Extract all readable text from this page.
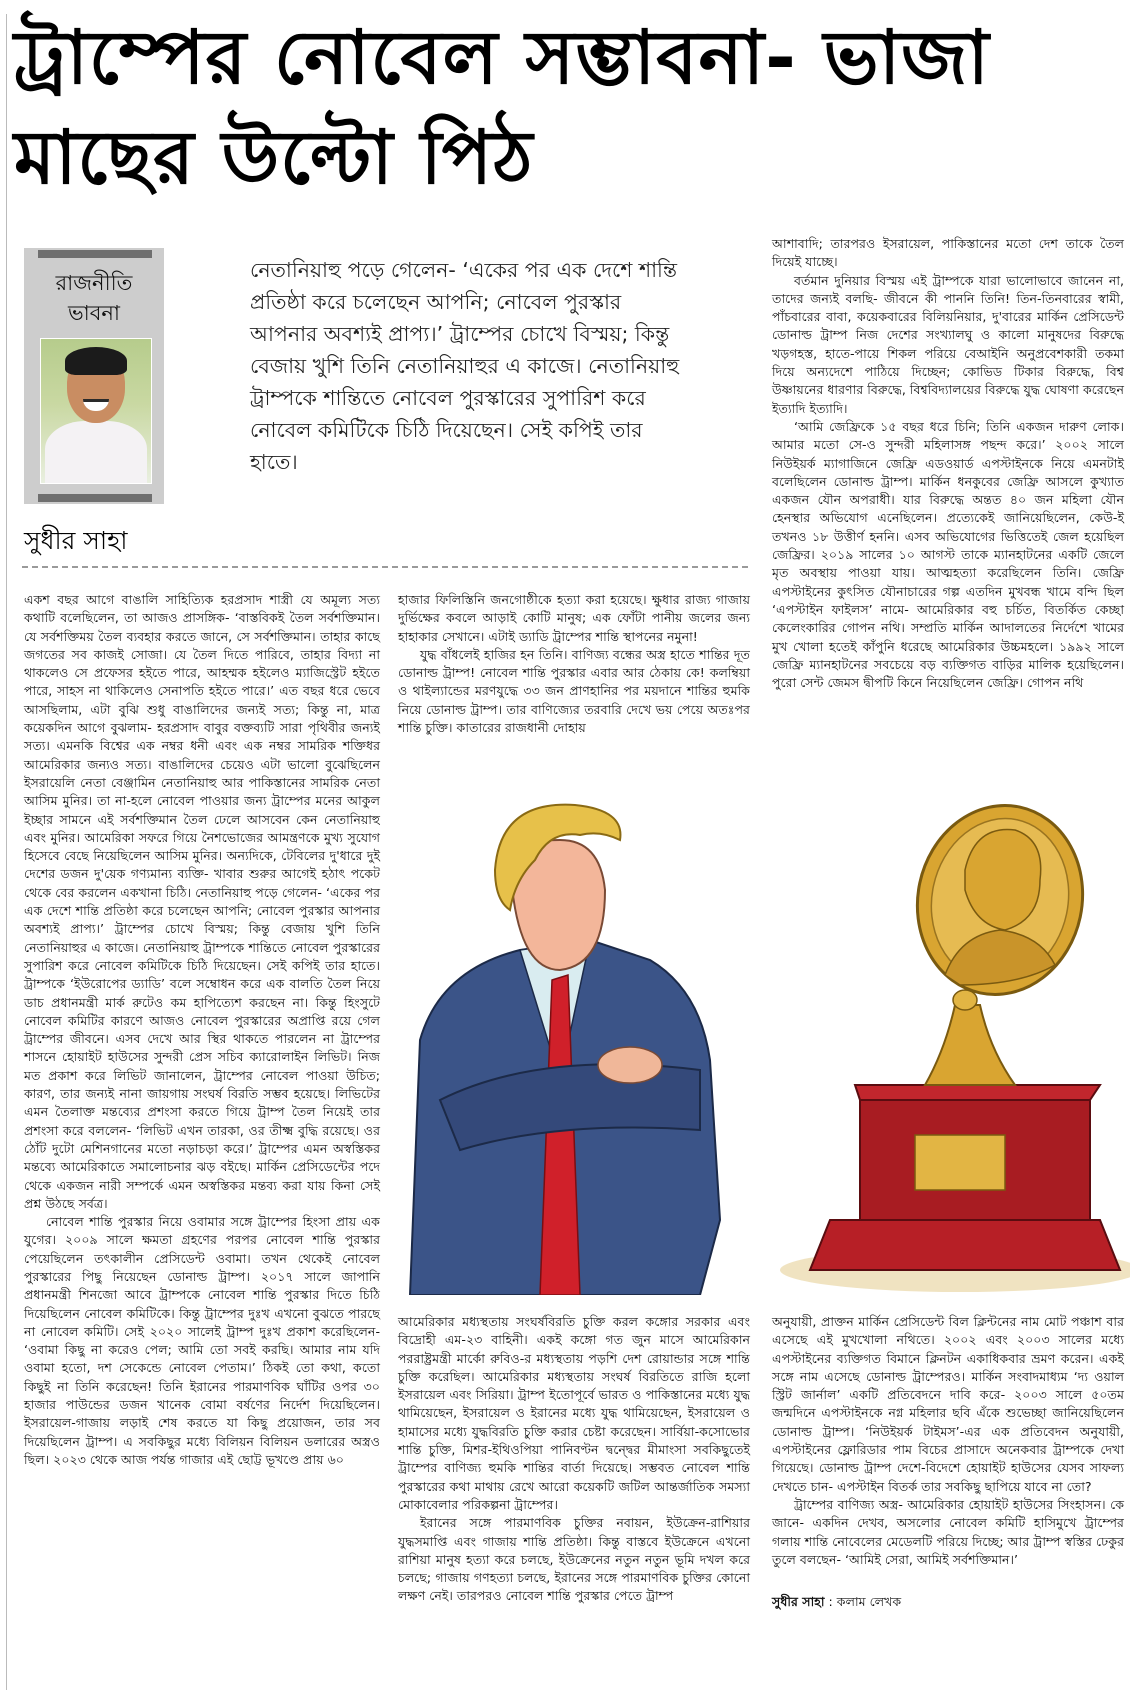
ট্রাম্পের নোবেল সম্ভাবনা- ভাজা
মাছের উল্টো পিঠ
রাজনীতি
ভাবনা

নেতানিয়াহু পড়ে গেলেন- ‘একের পর এক দেশে শান্তি প্রতিষ্ঠা করে চলেছেন আপনি; নোবেল পুরস্কার আপনার অবশ্যই প্রাপ্য।’ ট্রাম্পের চোখে বিস্ময়; কিন্তু বেজায় খুশি তিনি নেতানিয়াহুর এ কাজে। নেতানিয়াহু ট্রাম্পকে শান্তিতে নোবেল পুরস্কারের সুপারিশ করে নোবেল কমিটিকে চিঠি দিয়েছেন। সেই কপিই তার হাতে।

সুধীর সাহা

আশাবাদি; তারপরও ইসরায়েল, পাকিস্তানের মতো দেশ তাকে তৈল দিয়েই যাচ্ছে।

বর্তমান দুনিয়ার বিস্ময় এই ট্রাম্পকে যারা ভালোভাবে জানেন না, তাদের জন্যই বলছি- জীবনে কী পাননি তিনি! তিন-তিনবারের স্বামী, পাঁচবারের বাবা, কয়েকবারের বিলিয়নিয়ার, দু'বারের মার্কিন প্রেসিডেন্ট ডোনাল্ড ট্রাম্প নিজ দেশের সংখ্যালঘু ও কালো মানুষদের বিরুদ্ধে খড়গহস্ত, হাতে-পায়ে শিকল পরিয়ে বেআইনি অনুপ্রবেশকারী তকমা দিয়ে অন্যদেশে পাঠিয়ে দিচ্ছেন; কোভিড টিকার বিরুদ্ধে, বিশ্ব উষ্ণায়নের ধারণার বিরুদ্ধে, বিশ্ববিদ্যালয়ের বিরুদ্ধে যুদ্ধ ঘোষণা করেছেন ইত্যাদি ইত্যাদি।

‘আমি জেফ্রিকে ১৫ বছর ধরে চিনি; তিনি একজন দারুণ লোক। আমার মতো সে-ও সুন্দরী মহিলাসঙ্গ পছন্দ করে।’ ২০০২ সালে নিউইয়র্ক ম্যাগাজিনে জেফ্রি এডওয়ার্ড এপস্টাইনকে নিয়ে এমনটাই বলেছিলেন ডোনাল্ড ট্রাম্প। মার্কিন ধনকুবের জেফ্রি আসলে কুখ্যাত একজন যৌন অপরাধী। যার বিরুদ্ধে অন্তত ৪০ জন মহিলা যৌন হেনস্থার অভিযোগ এনেছিলেন। প্রত্যেকেই জানিয়েছিলেন, কেউ-ই তখনও ১৮ উত্তীর্ণ হননি। এসব অভিযোগের ভিত্তিতেই জেল হয়েছিল জেফ্রির। ২০১৯ সালের ১০ আগস্ট তাকে ম্যানহাটনের একটি জেলে মৃত অবস্থায় পাওয়া যায়। আত্মহত্যা করেছিলেন তিনি। জেফ্রি এপস্টাইনের কুৎসিত যৌনাচারের গল্প এতদিন মুখবন্ধ খামে বন্দি ছিল ‘এপস্টাইন ফাইলস’ নামে- আমেরিকার বহু চর্চিত, বিতর্কিত কেচ্ছা কেলেংকারির গোপন নথি। সম্প্রতি মার্কিন আদালতের নির্দেশে খামের মুখ খোলা হতেই কাঁপুনি ধরেছে আমেরিকার উচ্চমহলে। ১৯৯২ সালে জেফ্রি ম্যানহাটনের সবচেয়ে বড় ব্যক্তিগত বাড়ির মালিক হয়েছিলেন। পুরো সেন্ট জেমস দ্বীপটি কিনে নিয়েছিলেন জেফ্রি। গোপন নথি

একশ বছর আগে বাঙালি সাহিত্যিক হরপ্রসাদ শাস্ত্রী যে অমূল্য সত্য কথাটি বলেছিলেন, তা আজও প্রাসঙ্গিক- ‘বাস্তবিকই তৈল সর্বশক্তিমান। যে সর্বশক্তিময় তৈল ব্যবহার করতে জানে, সে সর্বশক্তিমান। তাহার কাছে জগতের সব কাজই সোজা। যে তৈল দিতে পারিবে, তাহার বিদ্যা না থাকলেও সে প্রফেসর হইতে পারে, আহম্মক হইলেও ম্যাজিস্ট্রেট হইতে পারে, সাহস না থাকিলেও সেনাপতি হইতে পারে।’ এত বছর ধরে ভেবে আসছিলাম, এটা বুঝি শুধু বাঙালিদের জন্যই সত্য; কিন্তু না, মাত্র কয়েকদিন আগে বুঝলাম- হরপ্রসাদ বাবুর বক্তব্যটি সারা পৃথিবীর জন্যই সত্য। এমনকি বিশ্বের এক নম্বর ধনী এবং এক নম্বর সামরিক শক্তিধর আমেরিকার জন্যও সত্য। বাঙালিদের চেয়েও এটা ভালো বুঝেছিলেন ইসরায়েলি নেতা বেঞ্জামিন নেতানিয়াহু আর পাকিস্তানের সামরিক নেতা আসিম মুনির। তা না-হলে নোবেল পাওয়ার জন্য ট্রাম্পের মনের আকুল ইচ্ছার সামনে এই সর্বশক্তিমান তৈল ঢেলে আসবেন কেন নেতানিয়াহু এবং মুনির। আমেরিকা সফরে গিয়ে নৈশভোজের আমন্ত্রণকে মুখ্য সুযোগ হিসেবে বেছে নিয়েছিলেন আসিম মুনির। অন্যদিকে, টেবিলের দু'ধারে দুই দেশের ডজন দু'য়েক গণ্যমান্য ব্যক্তি- খাবার শুরুর আগেই হঠাৎ পকেট থেকে বের করলেন একখানা চিঠি। নেতানিয়াহু পড়ে গেলেন- ‘একের পর এক দেশে শান্তি প্রতিষ্ঠা করে চলেছেন আপনি; নোবেল পুরস্কার আপনার অবশ্যই প্রাপ্য।’ ট্রাম্পের চোখে বিস্ময়; কিন্তু বেজায় খুশি তিনি নেতানিয়াহুর এ কাজে। নেতানিয়াহু ট্রাম্পকে শান্তিতে নোবেল পুরস্কারের সুপারিশ করে নোবেল কমিটিকে চিঠি দিয়েছেন। সেই কপিই তার হাতে। ট্রাম্পকে ‘ইউরোপের ড্যাডি’ বলে সম্বোধন করে এক বালতি তৈল নিয়ে ডাচ প্রধানমন্ত্রী মার্ক রুটেও কম হাপিত্যেশ করছেন না। কিন্তু হিংসুটে নোবেল কমিটির কারণে আজও নোবেল পুরস্কারের অপ্রাপ্তি রয়ে গেল ট্রাম্পের জীবনে। এসব দেখে আর স্থির থাকতে পারলেন না ট্রাম্পের শাসনে হোয়াইট হাউসের সুন্দরী প্রেস সচিব ক্যারোলাইন লিভিট। নিজ মত প্রকাশ করে লিভিট জানালেন, ট্রাম্পের নোবেল পাওয়া উচিত; কারণ, তার জন্যই নানা জায়গায় সংঘর্ষ বিরতি সম্ভব হয়েছে। লিভিটের এমন তৈলাক্ত মন্তব্যের প্রশংসা করতে গিয়ে ট্রাম্প তৈল নিয়েই তার প্রশংসা করে বললেন- ‘লিভিট এখন তারকা, ওর তীক্ষ্ম বুদ্ধি রয়েছে। ওর ঠোঁট দুটো মেশিনগানের মতো নড়াচড়া করে।’ ট্রাম্পের এমন অস্বস্তিকর মন্তব্যে আমেরিকাতে সমালোচনার ঝড় বইছে। মার্কিন প্রেসিডেন্টের পদে থেকে একজন নারী সম্পর্কে এমন অস্বস্তিকর মন্তব্য করা যায় কিনা সেই প্রশ্ন উঠছে সর্বত্র।

নোবেল শান্তি পুরস্কার নিয়ে ওবামার সঙ্গে ট্রাম্পের হিংসা প্রায় এক যুগের। ২০০৯ সালে ক্ষমতা গ্রহণের পরপর নোবেল শান্তি পুরস্কার পেয়েছিলেন তৎকালীন প্রেসিডেন্ট ওবামা। তখন থেকেই নোবেল পুরস্কারের পিছু নিয়েছেন ডোনাল্ড ট্রাম্প। ২০১৭ সালে জাপানি প্রধানমন্ত্রী শিনজো আবে ট্রাম্পকে নোবেল শান্তি পুরস্কার দিতে চিঠি দিয়েছিলেন নোবেল কমিটিকে। কিন্তু ট্রাম্পের দুঃখ এখনো বুঝতে পারছে না নোবেল কমিটি। সেই ২০২০ সালেই ট্রাম্প দুঃখ প্রকাশ করেছিলেন- ‘ওবামা কিছু না করেও পেল; আমি তো সবই করছি। আমার নাম যদি ওবামা হতো, দশ সেকেন্ডে নোবেল পেতাম।’ ঠিকই তো কথা, কতো কিছুই না তিনি করেছেন! তিনি ইরানের পারমাণবিক ঘাঁটির ওপর ৩০ হাজার পাউন্ডের ডজন খানেক বোমা বর্ষণের নির্দেশ দিয়েছিলেন। ইসরায়েল-গাজায় লড়াই শেষ করতে যা কিছু প্রয়োজন, তার সব দিয়েছিলেন ট্রাম্প। এ সবকিছুর মধ্যে বিলিয়ন বিলিয়ন ডলারের অস্ত্রও ছিল। ২০২৩ থেকে আজ পর্যন্ত গাজার এই ছোট্ট ভূখণ্ডে প্রায় ৬০

হাজার ফিলিস্তিনি জনগোষ্ঠীকে হত্যা করা হয়েছে। ক্ষুধার রাজ্য গাজায় দুর্ভিক্ষের কবলে আড়াই কোটি মানুষ; এক ফোঁটা পানীয় জলের জন্য হাহাকার সেখানে। এটাই ড্যাডি ট্রাম্পের শান্তি স্থাপনের নমুনা!

যুদ্ধ বাঁধলেই হাজির হন তিনি। বাণিজ্য বন্ধের অস্ত্র হাতে শান্তির দূত ডোনাল্ড ট্রাম্প! নোবেল শান্তি পুরস্কার এবার আর ঠেকায় কে! কলম্বিয়া ও থাইল্যান্ডের মরণযুদ্ধে ৩৩ জন প্রাণহানির পর ময়দানে শান্তির হুমকি নিয়ে ডোনাল্ড ট্রাম্প। তার বাণিজ্যের তরবারি দেখে ভয় পেয়ে অতঃপর শান্তি চুক্তি। কাতারের রাজধানী দোহায়

আমেরিকার মধ্যস্থতায় সংঘর্ষবিরতি চুক্তি করল কঙ্গোর সরকার এবং বিদ্রোহী এম-২৩ বাহিনী। একই কঙ্গো গত জুন মাসে আমেরিকান পররাষ্ট্রমন্ত্রী মার্কো রুবিও-র মধ্যস্থতায় পড়শি দেশ রোয়ান্ডার সঙ্গে শান্তি চুক্তি করেছিল। আমেরিকার মধ্যস্থতায় সংঘর্ষ বিরতিতে রাজি হলো ইসরায়েল এবং সিরিয়া। ট্রাম্প ইতোপূর্বে ভারত ও পাকিস্তানের মধ্যে যুদ্ধ থামিয়েছেন, ইসরায়েল ও ইরানের মধ্যে যুদ্ধ থামিয়েছেন, ইসরায়েল ও হামাসের মধ্যে যুদ্ধবিরতি চুক্তি করার চেষ্টা করেছেন। সার্বিয়া-কসোভোর শান্তি চুক্তি, মিশর-ইথিওপিয়া পানিবণ্টন দ্বন্দ্বের মীমাংসা সবকিছুতেই ট্রাম্পের বাণিজ্য হুমকি শান্তির বার্তা দিয়েছে। সম্ভবত নোবেল শান্তি পুরস্কারের কথা মাথায় রেখে আরো কয়েকটি জটিল আন্তর্জাতিক সমস্যা মোকাবেলার পরিকল্পনা ট্রাম্পের।

ইরানের সঙ্গে পারমাণবিক চুক্তির নবায়ন, ইউক্রেন-রাশিয়ার যুদ্ধসমাপ্তি এবং গাজায় শান্তি প্রতিষ্ঠা। কিন্তু বাস্তবে ইউক্রেনে এখনো রাশিয়া মানুষ হত্যা করে চলছে, ইউক্রেনের নতুন নতুন ভূমি দখল করে চলছে; গাজায় গণহত্যা চলছে, ইরানের সঙ্গে পারমাণবিক চুক্তির কোনো লক্ষণ নেই। তারপরও নোবেল শান্তি পুরস্কার পেতে ট্রাম্প

অনুযায়ী, প্রাক্তন মার্কিন প্রেসিডেন্ট বিল ক্লিন্টনের নাম মোট পঞ্চাশ বার এসেছে এই মুখখোলা নথিতে। ২০০২ এবং ২০০৩ সালের মধ্যে এপস্টাইনের ব্যক্তিগত বিমানে ক্লিনটন একাধিকবার ভ্রমণ করেন। একই সঙ্গে নাম এসেছে ডোনাল্ড ট্রাম্পেরও। মার্কিন সংবাদমাধ্যম ‘দ্য ওয়াল স্ট্রিট জার্নাল’ একটি প্রতিবেদনে দাবি করে- ২০০৩ সালে ৫০তম জন্মদিনে এপস্টাইনকে নগ্ন মহিলার ছবি এঁকে শুভেচ্ছা জানিয়েছিলেন ডোনাল্ড ট্রাম্প। ‘নিউইয়র্ক টাইমস’-এর এক প্রতিবেদন অনুযায়ী, এপস্টাইনের ফ্লোরিডার পাম বিচের প্রাসাদে অনেকবার ট্রাম্পকে দেখা গিয়েছে। ডোনাল্ড ট্রাম্প দেশে-বিদেশে হোয়াইট হাউসের যেসব সাফল্য দেখতে চান- এপস্টাইন বিতর্ক তার সবকিছু ছাপিয়ে যাবে না তো?

ট্রাম্পের বাণিজ্য অস্ত্র- আমেরিকার হোয়াইট হাউসের সিংহাসন। কে জানে- একদিন দেখব, অসলোর নোবেল কমিটি হাসিমুখে ট্রাম্পের গলায় শান্তি নোবেলের মেডেলটি পরিয়ে দিচ্ছে; আর ট্রাম্প স্বস্তির ঢেকুর তুলে বলছেন- ‘আমিই সেরা, আমিই সর্বশক্তিমান।’

সুধীর সাহা : কলাম লেখক
